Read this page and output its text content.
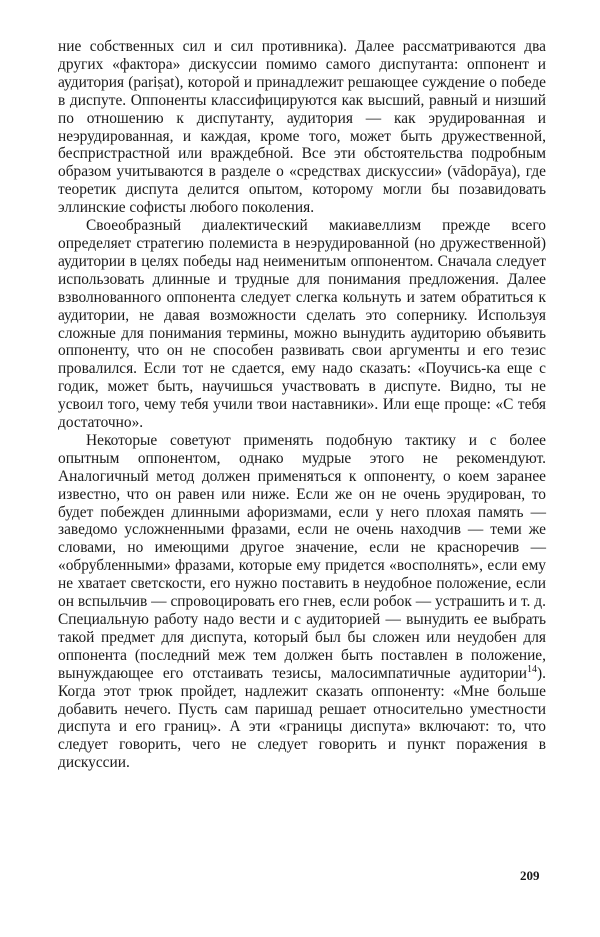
ние собственных сил и сил противника). Далее рассматриваются два других «фактора» дискуссии помимо самого диспутанта: оппонент и аудитория (pariṣat), которой и принадлежит решающее суждение о победе в диспуте. Оппоненты классифицируются как высший, равный и низший по отношению к диспутанту, аудитория — как эрудированная и неэрудированная, и каждая, кроме того, может быть дружественной, беспристрастной или враждебной. Все эти обстоятельства подробным образом учитываются в разделе о «средствах дискуссии» (vādopāya), где теоретик диспута делится опытом, которому могли бы позавидовать эллинские софисты любого поколения.

Своеобразный диалектический макиавеллизм прежде всего определяет стратегию полемиста в неэрудированной (но дружественной) аудитории в целях победы над неименитым оппонентом. Сначала следует использовать длинные и трудные для понимания предложения. Далее взволнованного оппонента следует слегка кольнуть и затем обратиться к аудитории, не давая возможности сделать это сопернику. Используя сложные для понимания термины, можно вынудить аудиторию объявить оппоненту, что он не способен развивать свои аргументы и его тезис провалился. Если тот не сдается, ему надо сказать: «Поучись-ка еще с годик, может быть, научишься участвовать в диспуте. Видно, ты не усвоил того, чему тебя учили твои наставники». Или еще проще: «С тебя достаточно».

Некоторые советуют применять подобную тактику и с более опытным оппонентом, однако мудрые этого не рекомендуют. Аналогичный метод должен применяться к оппоненту, о коем заранее известно, что он равен или ниже. Если же он не очень эрудирован, то будет побежден длинными афоризмами, если у него плохая память — заведомо усложненными фразами, если не очень находчив — теми же словами, но имеющими другое значение, если не красноречив — «обрубленными» фразами, которые ему придется «восполнять», если ему не хватает светскости, его нужно поставить в неудобное положение, если он вспыльчив — спровоцировать его гнев, если робок — устрашить и т. д. Специальную работу надо вести и с аудиторией — вынудить ее выбрать такой предмет для диспута, который был бы сложен или неудобен для оппонента (последний меж тем должен быть поставлен в положение, вынуждающее его отстаивать тезисы, малосимпатичные аудитории$^{14}$). Когда этот трюк пройдет, надлежит сказать оппоненту: «Мне больше добавить нечего. Пусть сам паришад решает относительно уместности диспута и его границ». А эти «границы диспута» включают: то, что следует говорить, чего не следует говорить и пункт поражения в дискуссии.

209
